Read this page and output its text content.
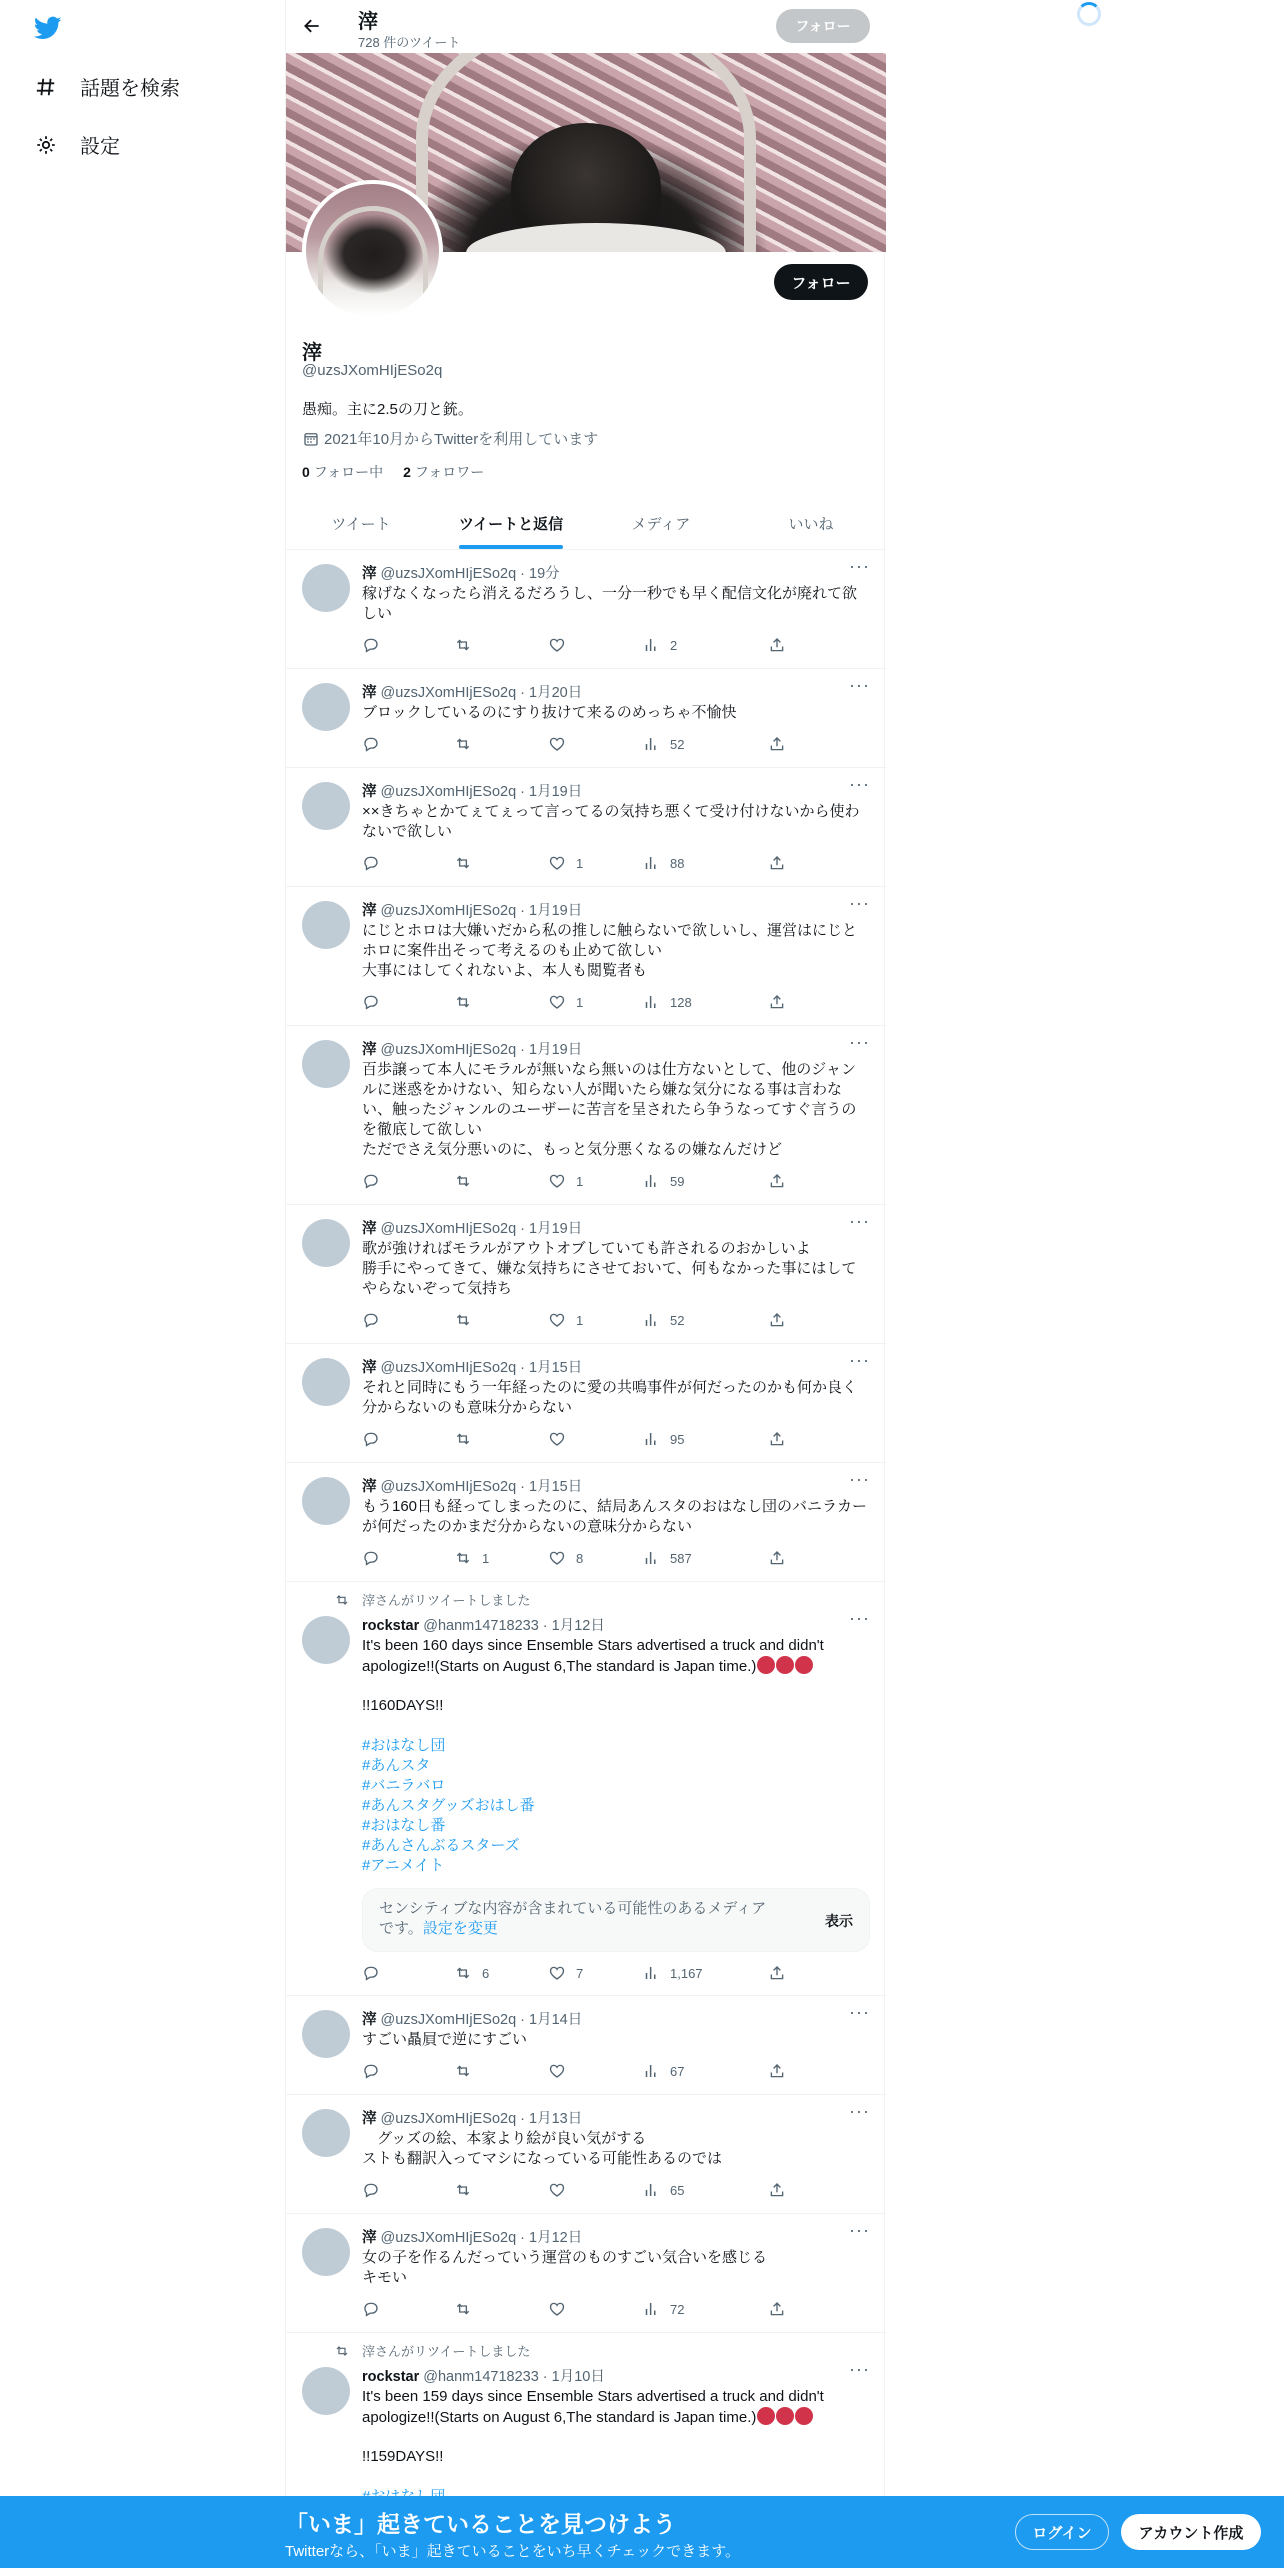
話題を検索
設定
滓
728 件のツイート
フォロー
フォロー
滓
@uzsJXomHIjESo2q
愚痴。主に2.5の刀と銃。
2021年10月からTwitterを利用しています
0 フォロー中 2 フォロワー
ツイート	ツイートと返信	メディア	いいね
滓 @uzsJXomHIjESo2q · 19分	···
稼げなくなったら消えるだろうし、一分一秒でも早く配信文化が廃れて欲しい
2
滓 @uzsJXomHIjESo2q · 1月20日	···
ブロックしているのにすり抜けて来るのめっちゃ不愉快
52
滓 @uzsJXomHIjESo2q · 1月19日	···
××きちゃとかてぇてぇって言ってるの気持ち悪くて受け付けないから使わないで欲しい
1	88
滓 @uzsJXomHIjESo2q · 1月19日	···
にじとホロは大嫌いだから私の推しに触らないで欲しいし、運営はにじとホロに案件出そって考えるのも止めて欲しい
大事にはしてくれないよ、本人も閲覧者も
1	128
滓 @uzsJXomHIjESo2q · 1月19日	···
百歩譲って本人にモラルが無いなら無いのは仕方ないとして、他のジャンルに迷惑をかけない、知らない人が聞いたら嫌な気分になる事は言わない、触ったジャンルのユーザーに苦言を呈されたら争うなってすぐ言うのを徹底して欲しい
ただでさえ気分悪いのに、もっと気分悪くなるの嫌なんだけど
1	59
滓 @uzsJXomHIjESo2q · 1月19日	···
歌が強ければモラルがアウトオブしていても許されるのおかしいよ
勝手にやってきて、嫌な気持ちにさせておいて、何もなかった事にはしてやらないぞって気持ち
1	52
滓 @uzsJXomHIjESo2q · 1月15日	···
それと同時にもう一年経ったのに愛の共鳴事件が何だったのかも何か良く分からないのも意味分からない
95
滓 @uzsJXomHIjESo2q · 1月15日	···
もう160日も経ってしまったのに、結局あんスタのおはなし団のバニラカーが何だったのかまだ分からないの意味分からない
1	8	587
滓さんがリツイートしました
rockstar @hanm14718233 · 1月12日	···
It's been 160 days since Ensemble Stars advertised a truck and didn't apologize!!(Starts on August 6,The standard is Japan time.)
!!160DAYS!!
#おはなし団
#あんスタ
#バニラバロ
#あんスタグッズおはし番
#おはなし番
#あんさんぶるスターズ
#アニメイト
センシティブな内容が含まれている可能性のあるメディアです。設定を変更	表示
6	7	1,167
滓 @uzsJXomHIjESo2q · 1月14日	···
すごい贔屓で逆にすごい
67
滓 @uzsJXomHIjESo2q · 1月13日	···
　グッズの絵、本家より絵が良い気がする
ストも翻訳入ってマシになっている可能性あるのでは
65
滓 @uzsJXomHIjESo2q · 1月12日	···
女の子を作るんだっていう運営のものすごい気合いを感じる
キモい
72
滓さんがリツイートしました
rockstar @hanm14718233 · 1月10日	···
It's been 159 days since Ensemble Stars advertised a truck and didn't apologize!!(Starts on August 6,The standard is Japan time.)
!!159DAYS!!
「いま」起きていることを見つけよう
Twitterなら、「いま」起きていることをいち早くチェックできます。
ログイン	アカウント作成
